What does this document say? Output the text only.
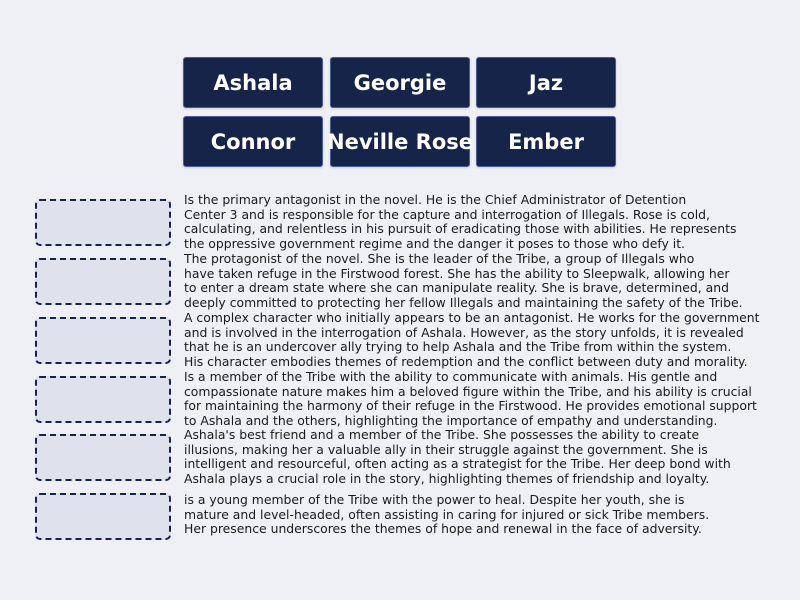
Ashala	Georgie	Jaz
Connor	Neville Rose	Ember
Is the primary antagonist in the novel. He is the Chief Administrator of Detention
Center 3 and is responsible for the capture and interrogation of Illegals. Rose is cold,
calculating, and relentless in his pursuit of eradicating those with abilities. He represents
the oppressive government regime and the danger it poses to those who defy it.
The protagonist of the novel. She is the leader of the Tribe, a group of Illegals who
have taken refuge in the Firstwood forest. She has the ability to Sleepwalk, allowing her
to enter a dream state where she can manipulate reality. She is brave, determined, and
deeply committed to protecting her fellow Illegals and maintaining the safety of the Tribe.
A complex character who initially appears to be an antagonist. He works for the government
and is involved in the interrogation of Ashala. However, as the story unfolds, it is revealed
that he is an undercover ally trying to help Ashala and the Tribe from within the system.
His character embodies themes of redemption and the conflict between duty and morality.
Is a member of the Tribe with the ability to communicate with animals. His gentle and
compassionate nature makes him a beloved figure within the Tribe, and his ability is crucial
for maintaining the harmony of their refuge in the Firstwood. He provides emotional support
to Ashala and the others, highlighting the importance of empathy and understanding.
Ashala's best friend and a member of the Tribe. She possesses the ability to create
illusions, making her a valuable ally in their struggle against the government. She is
intelligent and resourceful, often acting as a strategist for the Tribe. Her deep bond with
Ashala plays a crucial role in the story, highlighting themes of friendship and loyalty.
is a young member of the Tribe with the power to heal. Despite her youth, she is
mature and level-headed, often assisting in caring for injured or sick Tribe members.
Her presence underscores the themes of hope and renewal in the face of adversity.
